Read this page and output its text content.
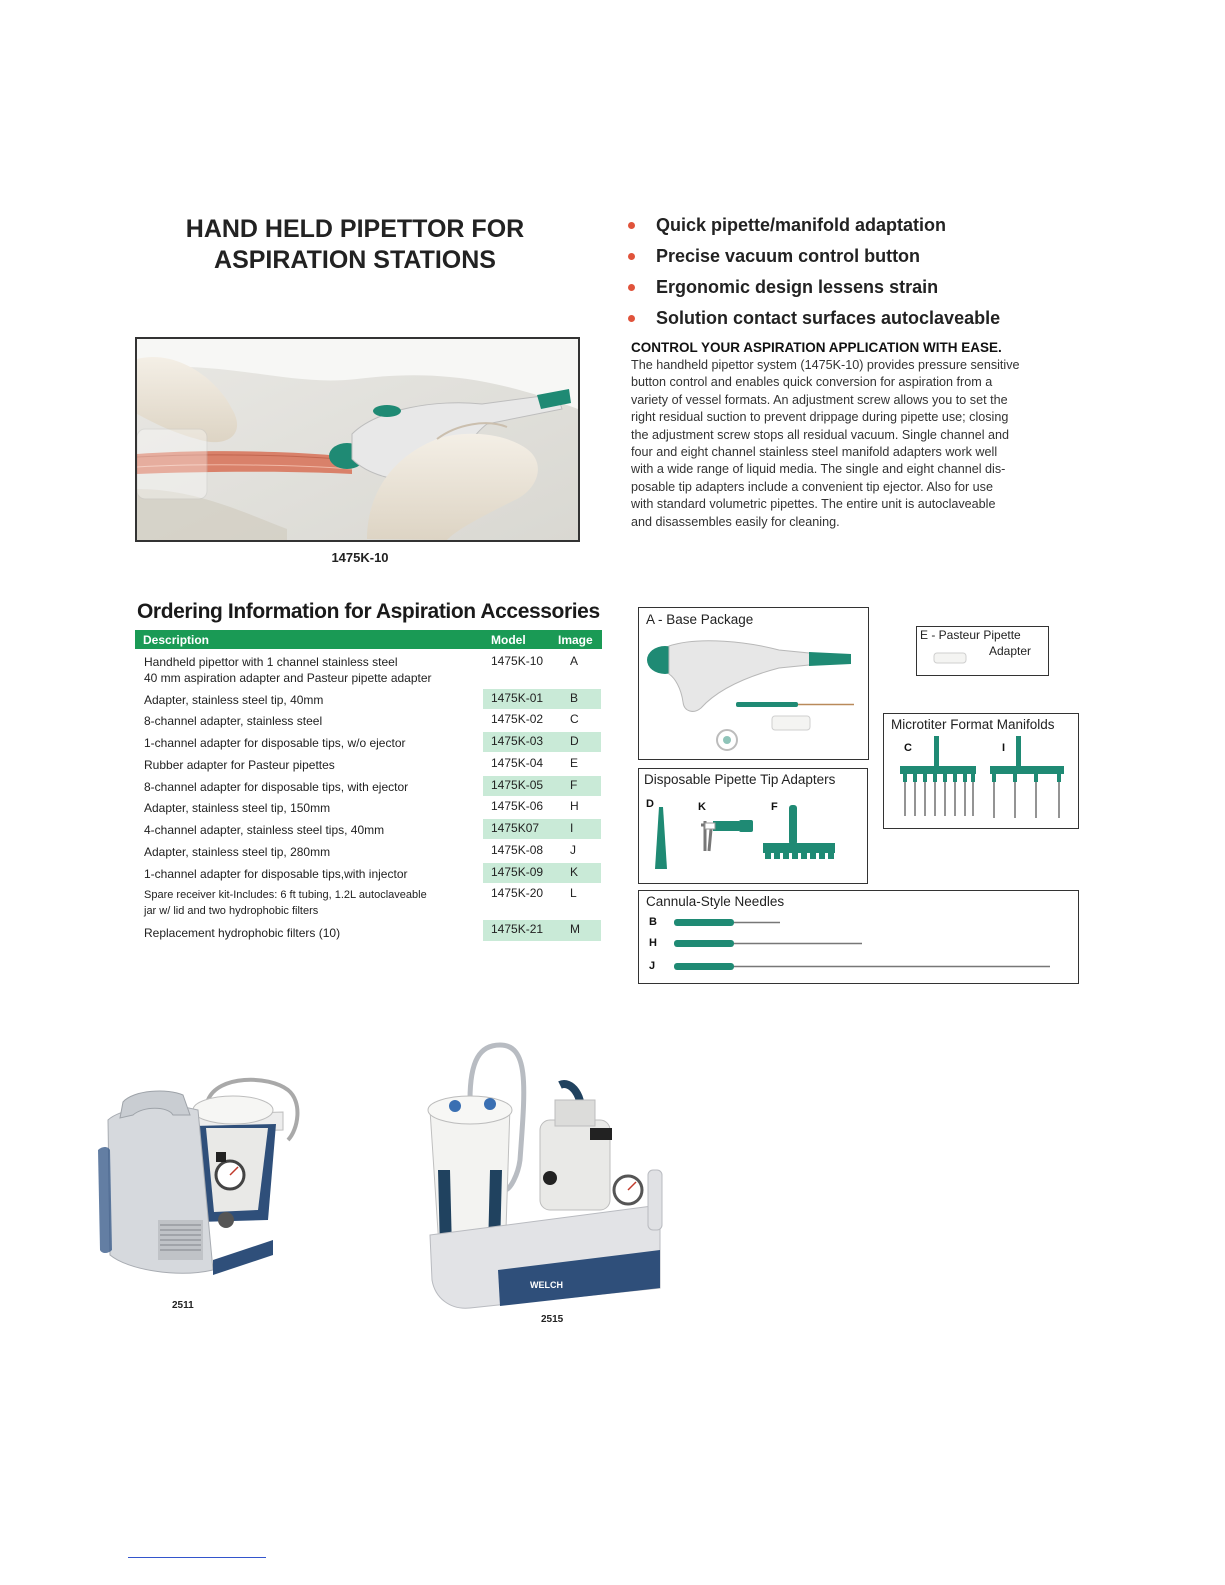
HAND HELD PIPETTOR FOR
ASPIRATION STATIONS
Quick pipette/manifold adaptation
Precise vacuum control button
Ergonomic design lessens strain
Solution contact surfaces autoclaveable
CONTROL YOUR ASPIRATION APPLICATION WITH EASE.
The handheld pipettor system (1475K-10) provides pressure sensitive
button control and enables quick conversion for aspiration from a
variety of vessel formats. An adjustment screw allows you to set the
right residual suction to prevent drippage during pipette use; closing
the adjustment screw stops all residual vacuum. Single channel and
four and eight channel stainless steel manifold adapters work well
with a wide range of liquid media. The single and eight channel dis-
posable tip adapters include a convenient tip ejector. Also for use
with standard volumetric pipettes. The entire unit is autoclaveable
and disassembles easily for cleaning.
1475K-10
Ordering Information for Aspiration Accessories
Description	Model	Image
Handheld pipettor with 1 channel stainless steel
40 mm aspiration adapter and Pasteur pipette adapter
1475K-10 A
Adapter, stainless steel tip, 40mm	1475K-01 B
8-channel adapter, stainless steel	1475K-02 C
1-channel adapter for disposable tips, w/o ejector	1475K-03 D
Rubber adapter for Pasteur pipettes	1475K-04 E
8-channel adapter for disposable tips, with ejector	1475K-05 F
Adapter, stainless steel tip, 150mm	1475K-06 H
4-channel adapter, stainless steel tips, 40mm	1475K07	I
Adapter, stainless steel tip, 280mm	1475K-08 J
1-channel adapter for disposable tips,with injector	1475K-09 K
Spare receiver kit-Includes: 6 ft tubing, 1.2L autoclaveable
jar w/ lid and two hydrophobic filters
1475K-20 L
Replacement hydrophobic filters (10)	1475K-21 M
A - Base Package
E - Pasteur Pipette
Adapter
Microtiter Format Manifolds
C	I
Disposable Pipette Tip Adapters
D	K	F
Cannula-Style Needles
B
H
J
2511
WELCH
2515
